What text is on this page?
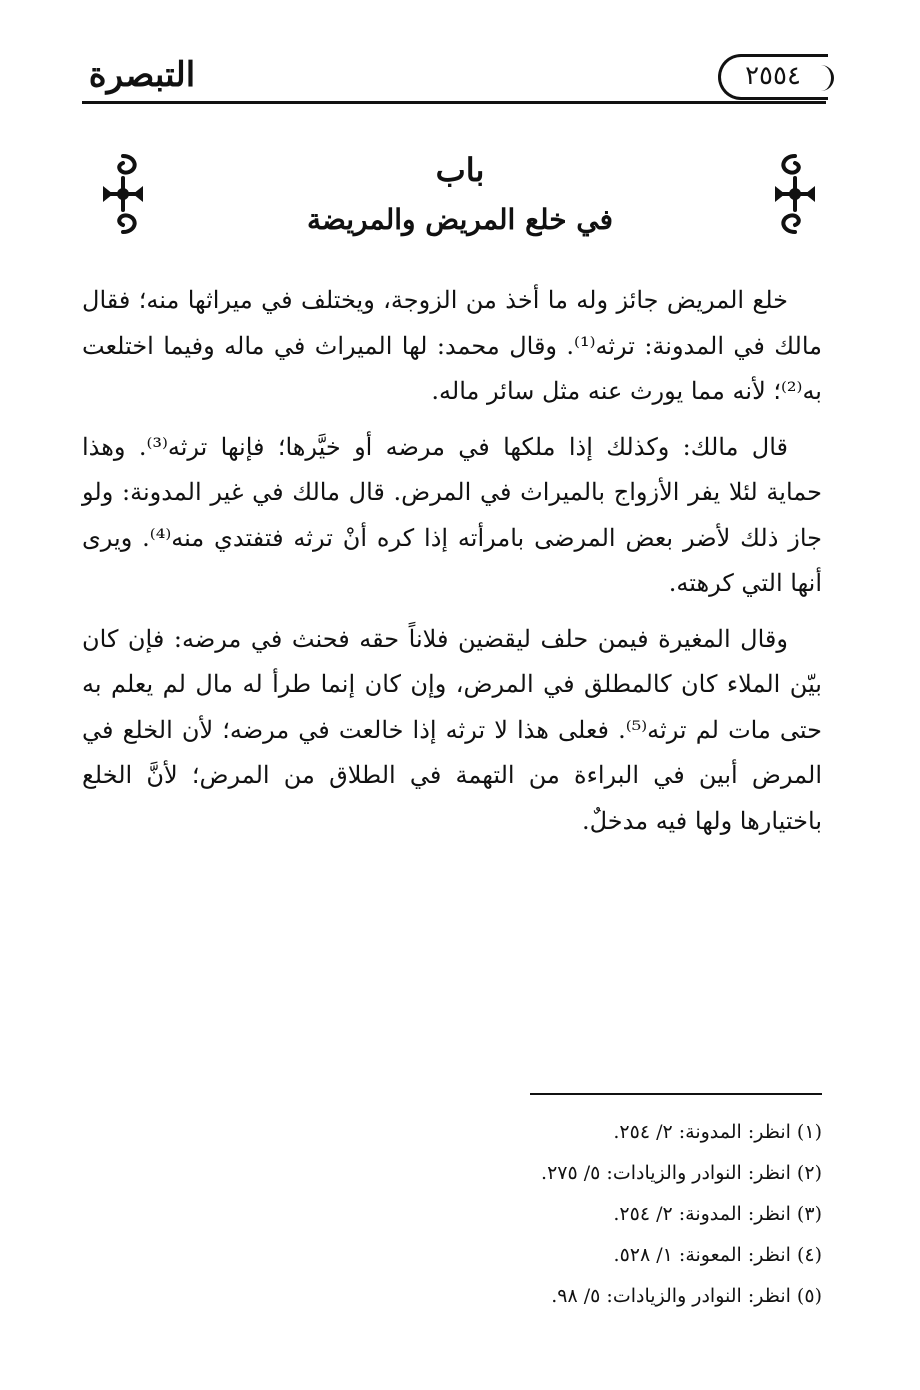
التبصرة	٢٥٥٤
باب
في خلع المريض والمريضة

خلع المريض جائز وله ما أخذ من الزوجة، ويختلف في ميراثها منه؛ فقال مالك في المدونة: ترثه⁽¹⁾. وقال محمد: لها الميراث في ماله وفيما اختلعت به⁽²⁾؛ لأنه مما يورث عنه مثل سائر ماله.

قال مالك: وكذلك إذا ملكها في مرضه أو خيَّرها؛ فإنها ترثه⁽³⁾. وهذا حماية لئلا يفر الأزواج بالميراث في المرض. قال مالك في غير المدونة: ولو جاز ذلك لأضر بعض المرضى بامرأته إذا كره أنْ ترثه فتفتدي منه⁽⁴⁾. ويرى أنها التي كرهته.

وقال المغيرة فيمن حلف ليقضين فلاناً حقه فحنث في مرضه: فإن كان بيّن الملاء كان كالمطلق في المرض، وإن كان إنما طرأ له مال لم يعلم به حتى مات لم ترثه⁽⁵⁾. فعلى هذا لا ترثه إذا خالعت في مرضه؛ لأن الخلع في المرض أبين في البراءة من التهمة في الطلاق من المرض؛ لأنَّ الخلع باختيارها ولها فيه مدخلٌ.

(١) انظر: المدونة: ٢/ ٢٥٤.
(٢) انظر: النوادر والزيادات: ٥/ ٢٧٥.
(٣) انظر: المدونة: ٢/ ٢٥٤.
(٤) انظر: المعونة: ١/ ٥٢٨.
(٥) انظر: النوادر والزيادات: ٥/ ٩٨.
